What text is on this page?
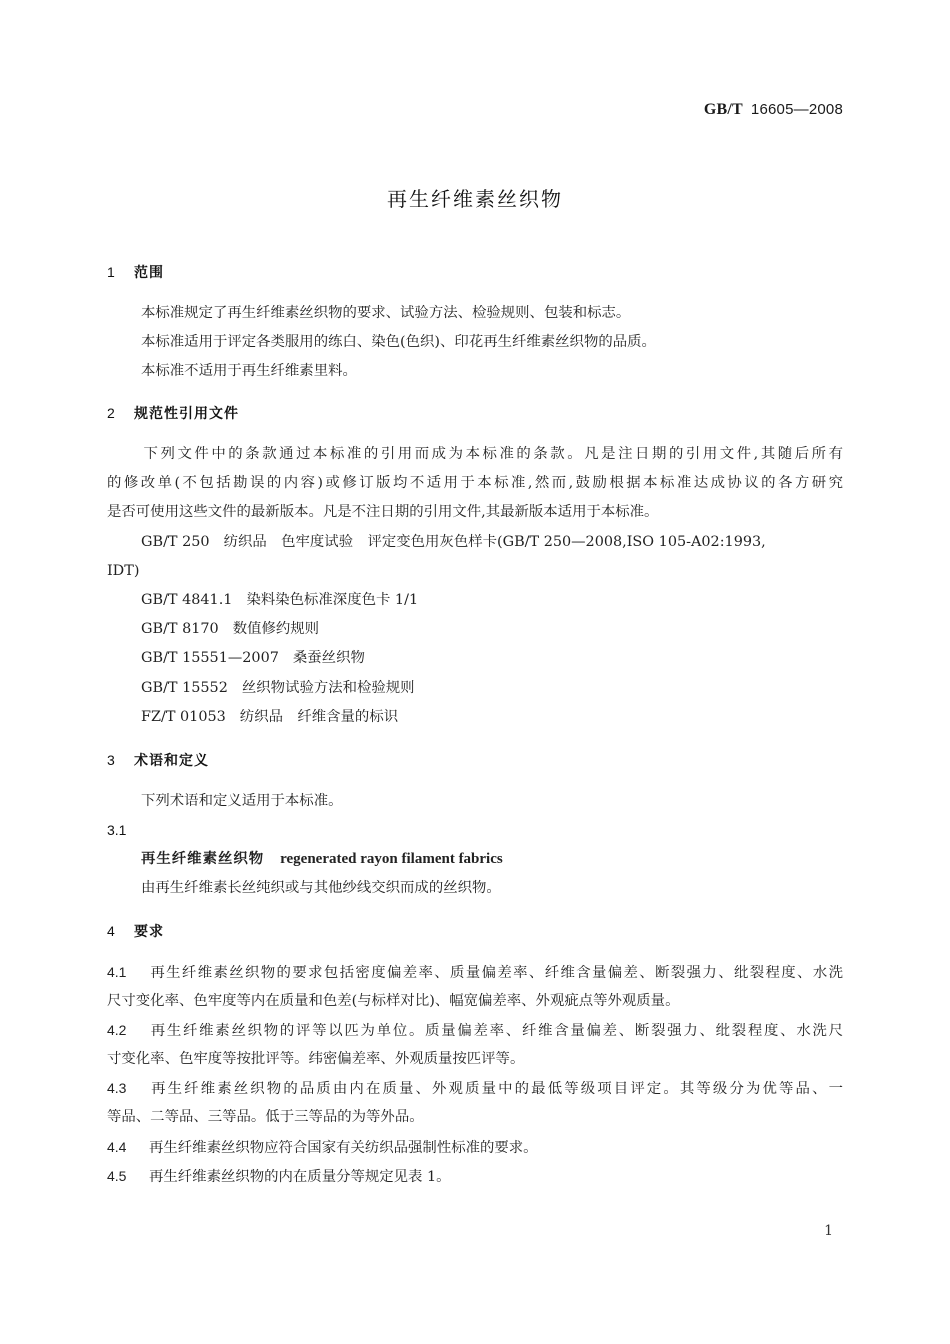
GB/T 16605—2008
再生纤维素丝织物
1 范围
本标准规定了再生纤维素丝织物的要求、试验方法、检验规则、包装和标志。
本标准适用于评定各类服用的练白、染色(色织)、印花再生纤维素丝织物的品质。
本标准不适用于再生纤维素里料。
2 规范性引用文件
下列文件中的条款通过本标准的引用而成为本标准的条款。凡是注日期的引用文件,其随后所有
的修改单(不包括勘误的内容)或修订版均不适用于本标准,然而,鼓励根据本标准达成协议的各方研究
是否可使用这些文件的最新版本。凡是不注日期的引用文件,其最新版本适用于本标准。
GB/T 250 纺织品　色牢度试验　评定变色用灰色样卡(GB/T 250—2008,ISO 105-A02:1993,
IDT)
GB/T 4841.1 染料染色标准深度色卡 1/1
GB/T 8170 数值修约规则
GB/T 15551—2007 桑蚕丝织物
GB/T 15552 丝织物试验方法和检验规则
FZ/T 01053 纺织品　纤维含量的标识
3 术语和定义
下列术语和定义适用于本标准。
3.1
再生纤维素丝织物 regenerated rayon filament fabrics
由再生纤维素长丝纯织或与其他纱线交织而成的丝织物。
4 要求
4.1 再生纤维素丝织物的要求包括密度偏差率、质量偏差率、纤维含量偏差、断裂强力、纰裂程度、水洗
尺寸变化率、色牢度等内在质量和色差(与标样对比)、幅宽偏差率、外观疵点等外观质量。
4.2 再生纤维素丝织物的评等以匹为单位。质量偏差率、纤维含量偏差、断裂强力、纰裂程度、水洗尺
寸变化率、色牢度等按批评等。纬密偏差率、外观质量按匹评等。
4.3 再生纤维素丝织物的品质由内在质量、外观质量中的最低等级项目评定。其等级分为优等品、一
等品、二等品、三等品。低于三等品的为等外品。
4.4 再生纤维素丝织物应符合国家有关纺织品强制性标准的要求。
4.5 再生纤维素丝织物的内在质量分等规定见表 1。
1
